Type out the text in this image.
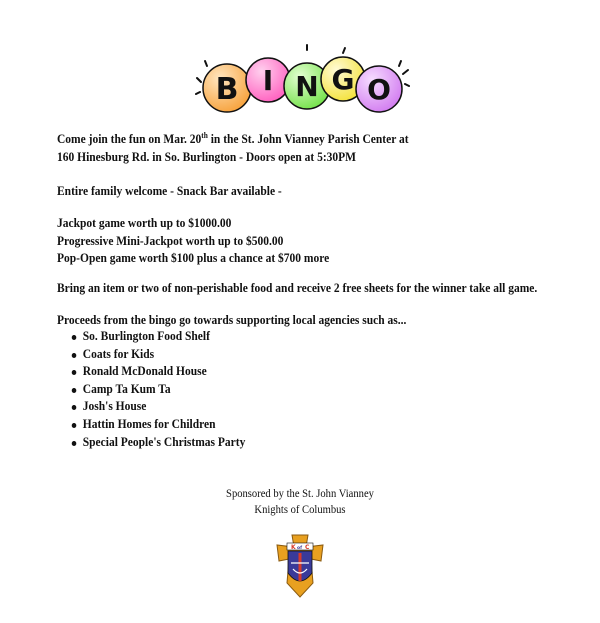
B I N G O
Come join the fun on Mar. 20th in the St. John Vianney Parish Center at
160 Hinesburg Rd. in So. Burlington - Doors open at 5:30PM
Entire family welcome - Snack Bar available -
Jackpot game worth up to $1000.00
Progressive Mini-Jackpot worth up to $500.00
Pop-Open game worth $100 plus a chance at $700 more
Bring an item or two of non-perishable food and receive 2 free sheets for the winner take all game.
Proceeds from the bingo go towards supporting local agencies such as...
So. Burlington Food Shelf
Coats for Kids
Ronald McDonald House
Camp Ta Kum Ta
Josh's House
Hattin Homes for Children
Special People's Christmas Party
Sponsored by the St. John Vianney
Knights of Columbus
K of C
